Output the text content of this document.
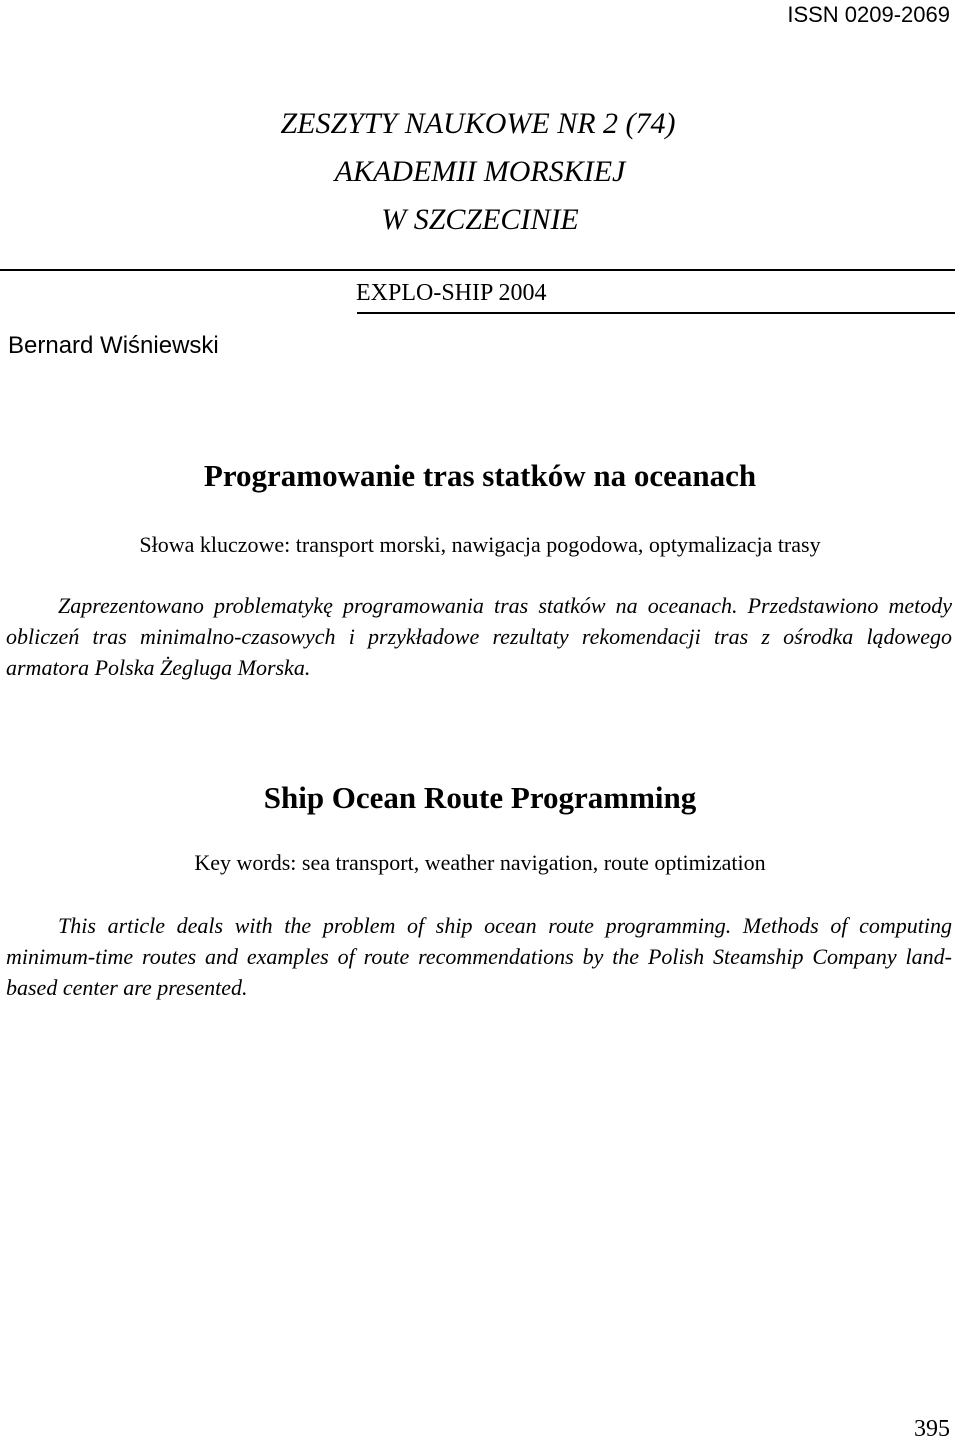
ISSN 0209-2069
ZESZYTY NAUKOWE NR 2 (74)
AKADEMII MORSKIEJ
W SZCZECINIE
EXPLO-SHIP 2004
Bernard Wiśniewski
Programowanie tras statków na oceanach
Słowa kluczowe: transport morski, nawigacja pogodowa, optymalizacja trasy
Zaprezentowano problematykę programowania tras statków na oceanach. Przedstawiono metody obliczeń tras minimalno-czasowych i przykładowe rezultaty rekomendacji tras z ośrodka lądowego armatora Polska Żegluga Morska.
Ship Ocean Route Programming
Key words: sea transport, weather navigation, route optimization
This article deals with the problem of ship ocean route programming. Methods of computing minimum-time routes and examples of route recommendations by the Polish Steamship Company land-based center are presented.
395
